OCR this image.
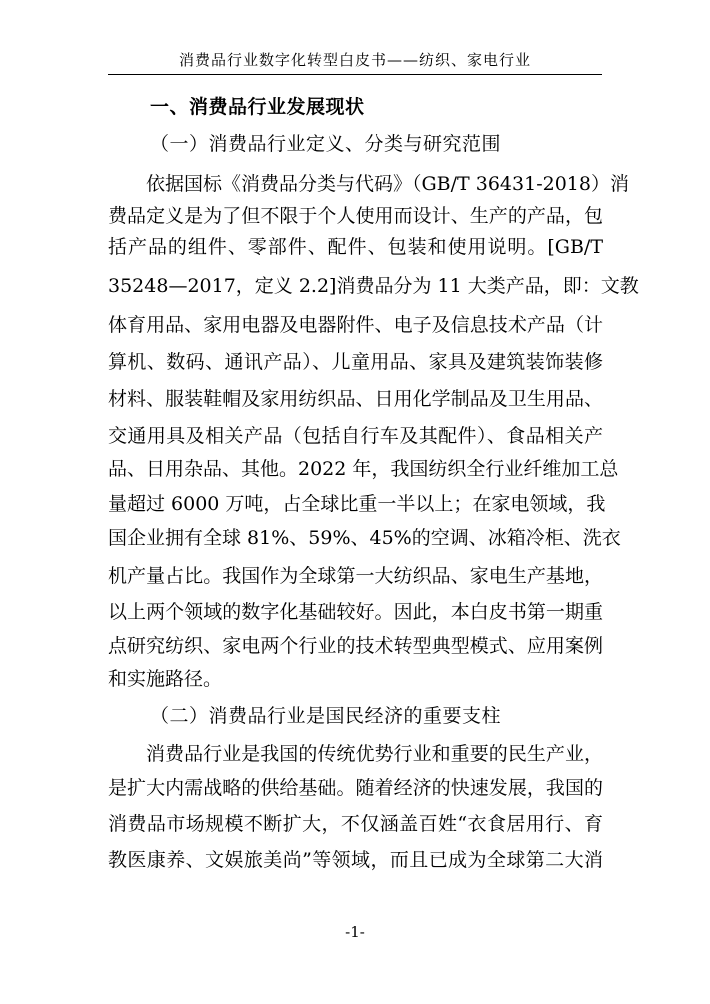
消费品行业数字化转型白皮书——纺织、家电行业
一、消费品行业发展现状
（一）消费品行业定义、分类与研究范围
依据国标《消费品分类与代码》（GB/T 36431-2018）消
费品定义是为了但不限于个人使用而设计、生产的产品，包
括产品的组件、零部件、配件、包装和使用说明。[GB/T
35248—2017，定义 2.2]消费品分为 11 大类产品，即：文教
体育用品、家用电器及电器附件、电子及信息技术产品（计
算机、数码、通讯产品）、儿童用品、家具及建筑装饰装修
材料、服装鞋帽及家用纺织品、日用化学制品及卫生用品、
交通用具及相关产品（包括自行车及其配件）、食品相关产
品、日用杂品、其他。2022 年，我国纺织全行业纤维加工总
量超过 6000 万吨，占全球比重一半以上；在家电领域，我
国企业拥有全球 81%、59%、45%的空调、冰箱冷柜、洗衣
机产量占比。我国作为全球第一大纺织品、家电生产基地，
以上两个领域的数字化基础较好。因此，本白皮书第一期重
点研究纺织、家电两个行业的技术转型典型模式、应用案例
和实施路径。
（二）消费品行业是国民经济的重要支柱
消费品行业是我国的传统优势行业和重要的民生产业，
是扩大内需战略的供给基础。随着经济的快速发展，我国的
消费品市场规模不断扩大，不仅涵盖百姓“衣食居用行、育
教医康养、文娱旅美尚”等领域，而且已成为全球第二大消
-1-
